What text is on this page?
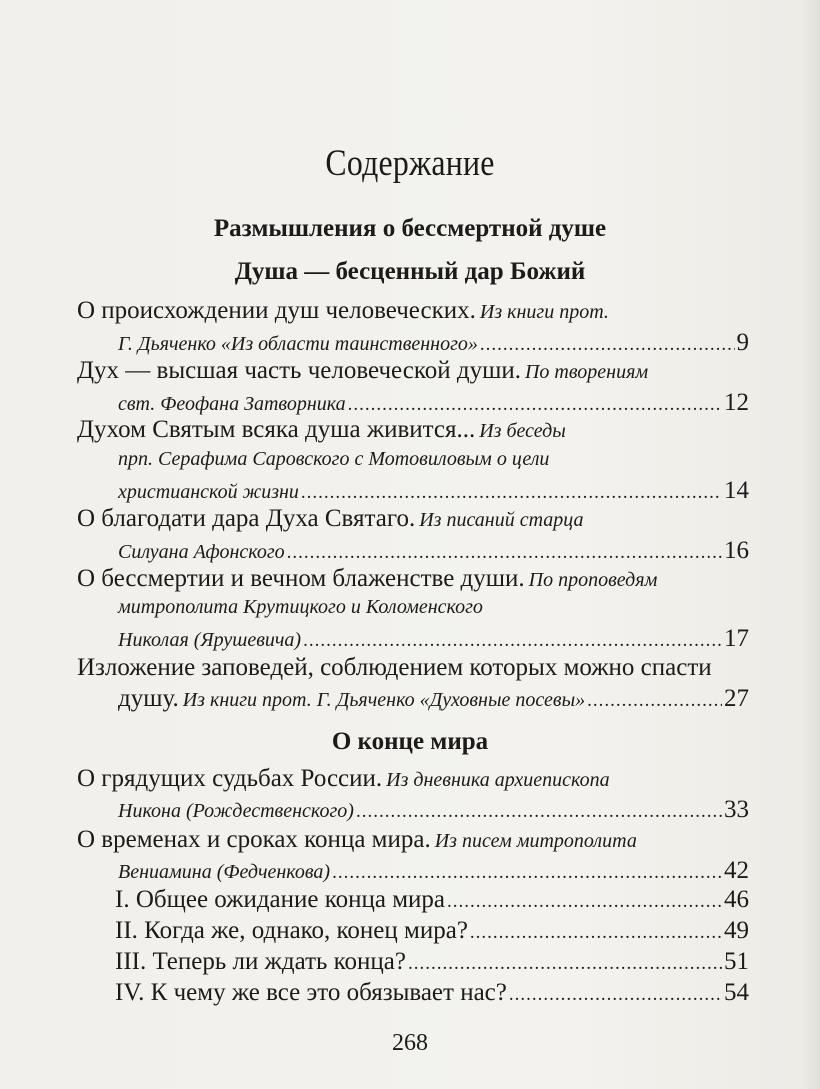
Содержание
Размышления о бессмертной душе
Душа — бесценный дар Божий
О происхождении душ человеческих.
Из книги прот.
Г. Дьяченко «Из области таинственного» .....	9
Дух — высшая часть человеческой души.
По творениям
свт. Феофана Затворника .....	12
Духом Святым всяка душа живится...
Из беседы
прп. Серафима Саровского с Мотовиловым о цели
христианской жизни .....	14
О благодати дара Духа Святаго.
Из писаний старца
Силуана Афонского .....	16
О бессмертии и вечном блаженстве души.
По проповедям
митрополита Крутицкого и Коломенского
Николая (Ярушевича) .....	17
Изложение заповедей, соблюдением которых можно спасти
душу.
Из книги прот. Г. Дьяченко «Духовные посевы» .....	27
О конце мира
О грядущих судьбах России.
Из дневника архиепископа
Никона (Рождественского) .....	33
О временах и сроках конца мира.
Из писем митрополита
Вениамина (Федченкова) .....	42
I. Общее ожидание конца мира .....	46
II. Когда же, однако, конец мира? .....	49
III. Теперь ли ждать конца? .....	51
IV. К чему же все это обязывает нас? .....	54
268
